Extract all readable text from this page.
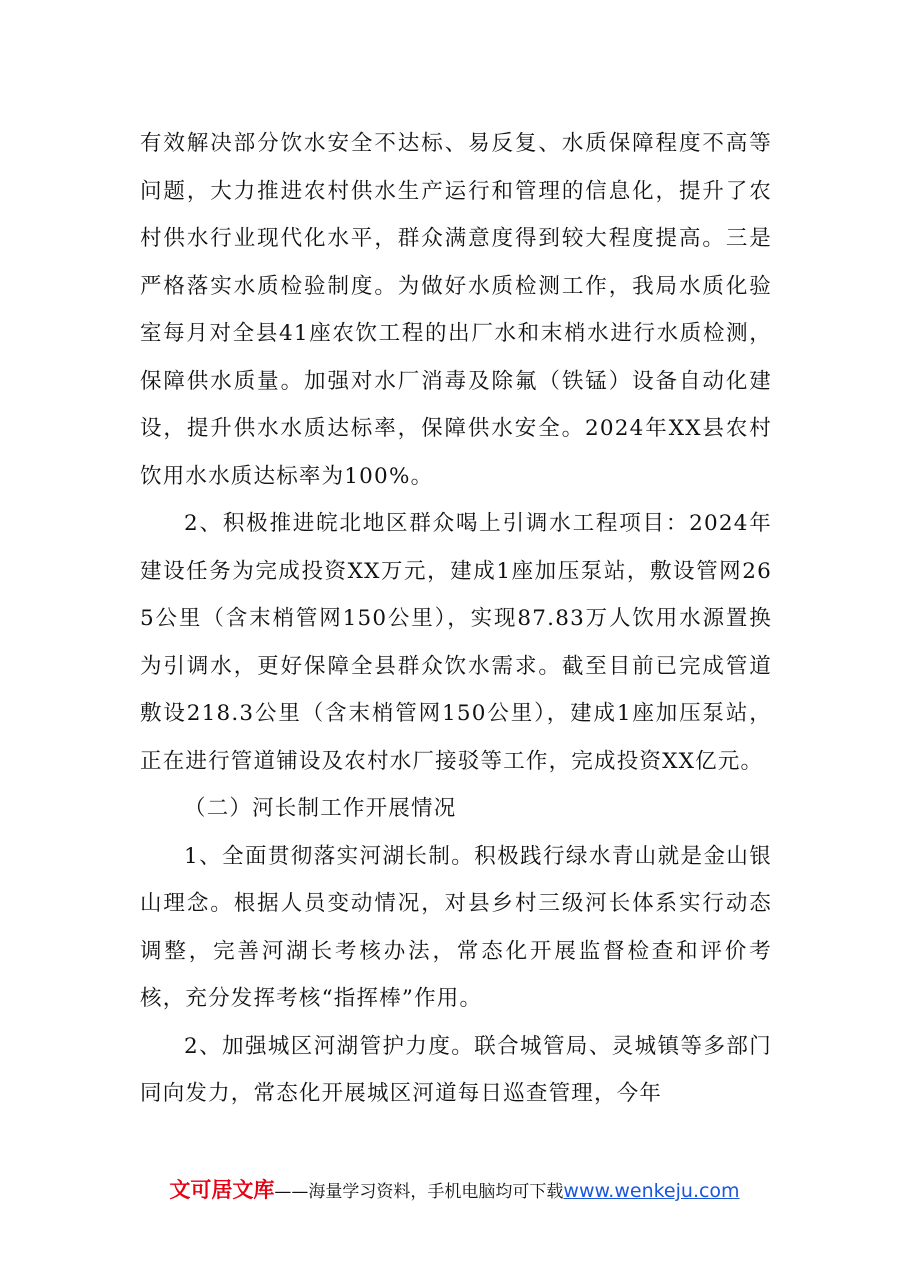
有效解决部分饮水安全不达标、易反复、水质保障程度不高等问题，大力推进农村供水生产运行和管理的信息化，提升了农村供水行业现代化水平，群众满意度得到较大程度提高。三是严格落实水质检验制度。为做好水质检测工作，我局水质化验室每月对全县41座农饮工程的出厂水和末梢水进行水质检测，保障供水质量。加强对水厂消毒及除氟（铁锰）设备自动化建设，提升供水水质达标率，保障供水安全。2024年XX县农村饮用水水质达标率为100%。

2、积极推进皖北地区群众喝上引调水工程项目：2024年建设任务为完成投资XX万元，建成1座加压泵站，敷设管网265公里（含末梢管网150公里），实现87.83万人饮用水源置换为引调水，更好保障全县群众饮水需求。截至目前已完成管道敷设218.3公里（含末梢管网150公里），建成1座加压泵站，正在进行管道铺设及农村水厂接驳等工作，完成投资XX亿元。

（二）河长制工作开展情况

1、全面贯彻落实河湖长制。积极践行绿水青山就是金山银山理念。根据人员变动情况，对县乡村三级河长体系实行动态调整，完善河湖长考核办法，常态化开展监督检查和评价考核，充分发挥考核“指挥棒”作用。

2、加强城区河湖管护力度。联合城管局、灵城镇等多部门同向发力，常态化开展城区河道每日巡查管理，今年

文可居文库——海量学习资料，手机电脑均可下载www.wenkeju.com
